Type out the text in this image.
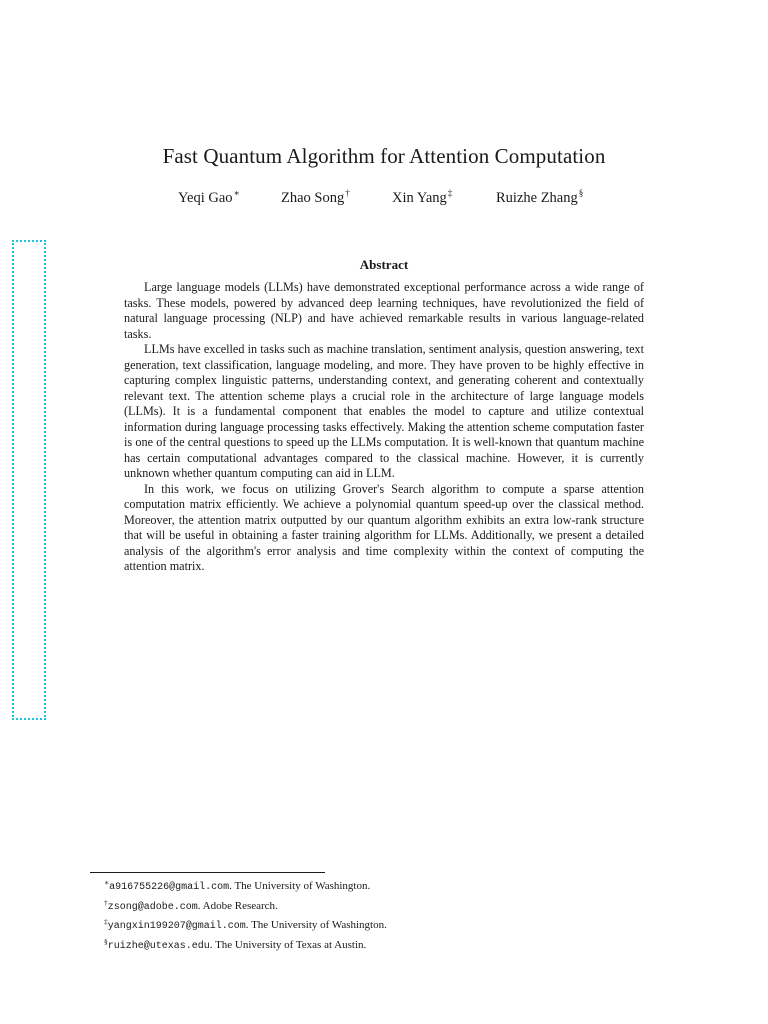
Fast Quantum Algorithm for Attention Computation
Yeqi Gao∗	Zhao Song†	Xin Yang‡	Ruizhe Zhang§
Abstract

Large language models (LLMs) have demonstrated exceptional performance across a wide range of tasks. These models, powered by advanced deep learning techniques, have revolutionized the field of natural language processing (NLP) and have achieved remarkable results in various language-related tasks.

LLMs have excelled in tasks such as machine translation, sentiment analysis, question answering, text generation, text classification, language modeling, and more. They have proven to be highly effective in capturing complex linguistic patterns, understanding context, and generating coherent and contextually relevant text. The attention scheme plays a crucial role in the architecture of large language models (LLMs). It is a fundamental component that enables the model to capture and utilize contextual information during language processing tasks effectively. Making the attention scheme computation faster is one of the central questions to speed up the LLMs computation. It is well-known that quantum machine has certain computational advantages compared to the classical machine. However, it is currently unknown whether quantum computing can aid in LLM.

In this work, we focus on utilizing Grover's Search algorithm to compute a sparse attention computation matrix efficiently. We achieve a polynomial quantum speed-up over the classical method. Moreover, the attention matrix outputted by our quantum algorithm exhibits an extra low-rank structure that will be useful in obtaining a faster training algorithm for LLMs. Additionally, we present a detailed analysis of the algorithm's error analysis and time complexity within the context of computing the attention matrix.

∗a916755226@gmail.com. The University of Washington.
†zsong@adobe.com. Adobe Research.
‡yangxin199207@gmail.com. The University of Washington.
§ruizhe@utexas.edu. The University of Texas at Austin.
